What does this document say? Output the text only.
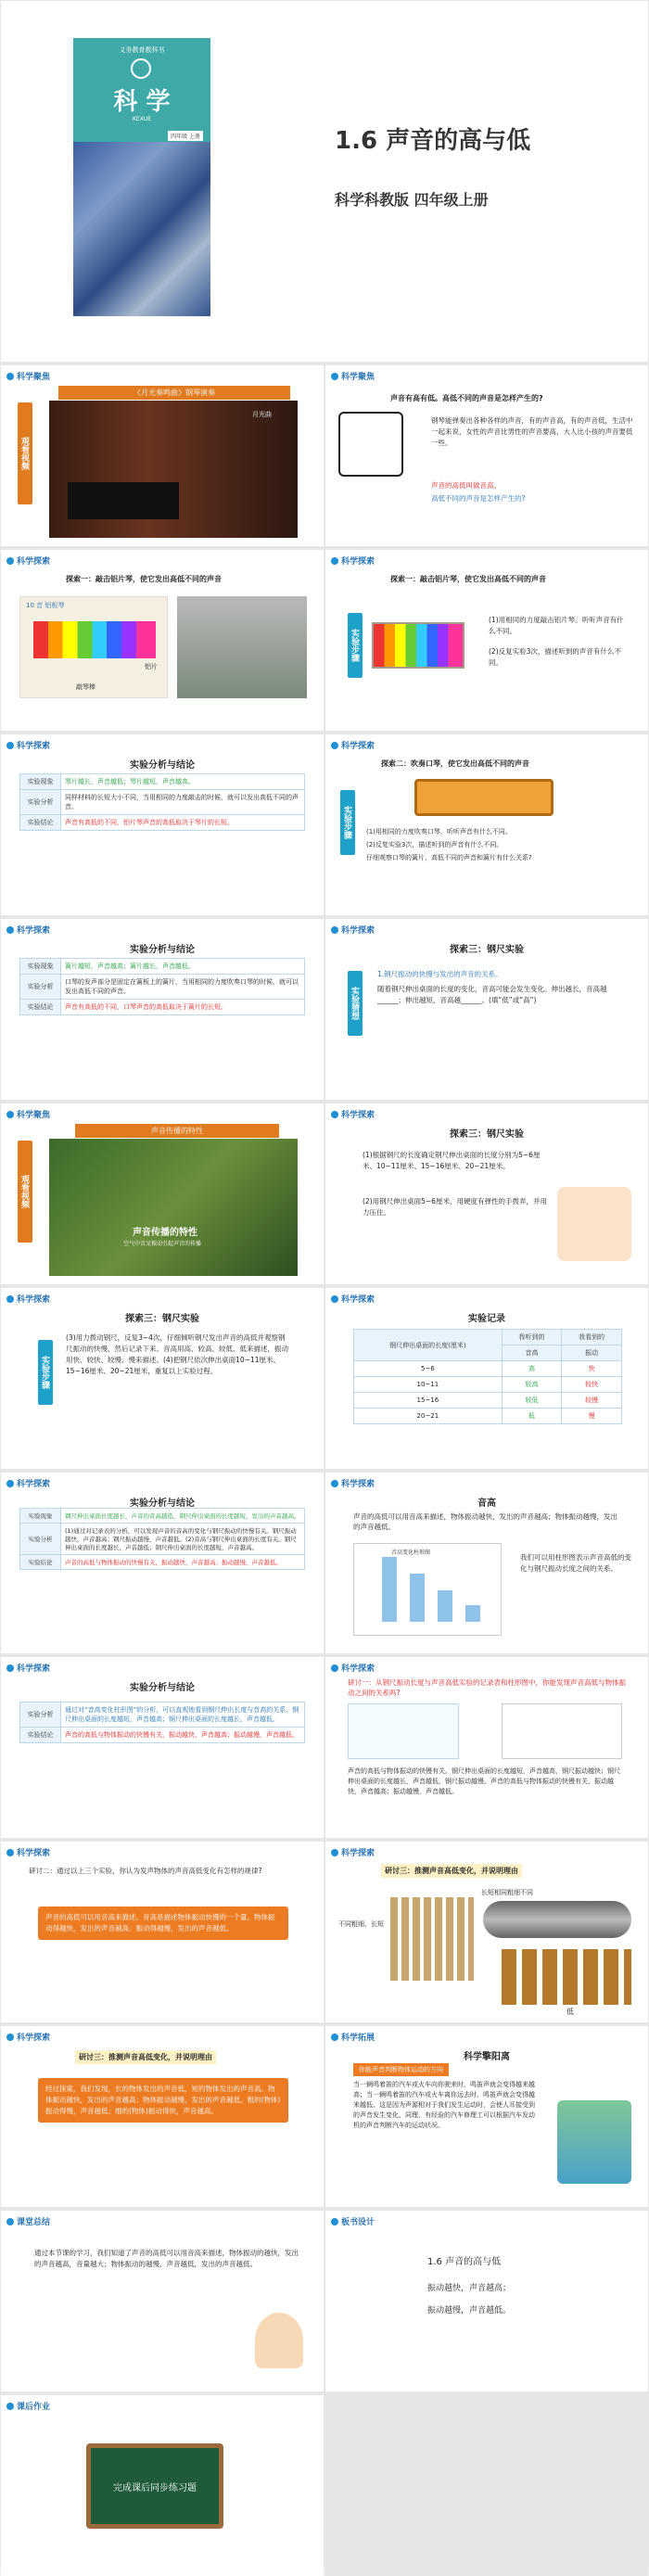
义务教育教科书
科 学
KEXUE
四年级 上册	1.6 声音的高与低
科学科教版 四年级上册
科学聚焦
观看视频
《月光奏鸣曲》钢琴演奏
月光曲
科学聚焦
声音有高有低。高低不同的声音是怎样产生的?
钢琴能弹奏出各种各样的声音，有的声音高，有的声音低，生活中一起来说，女性的声音比男性的声音要高，大人比小孩的声音要低一些。
声音的高低叫做音高。
高低不同的声音是怎样产生的?
科学探索
探索一：敲击铝片琴，使它发出高低不同的声音
10 音 铝板琴
铝片
敲琴棒
科学探索
探索一：敲击铝片琴，使它发出高低不同的声音
实验步骤
(1)用相同的力度敲击铝片琴。听听声音有什么不同。
(2)反复实验3次，描述听到的声音有什么不同。
科学探索
实验分析与结论
实验现象	琴片越长，声音越低；琴片越短，声音越高。
实验分析	同样材料的长短大小不同，当用相同的力度敲击的时候，就可以发出高低不同的声音。
实验结论	声音有高低的不同，铝片琴声音的高低取决于琴片的长短。
科学探索
探索二：吹奏口琴，使它发出高低不同的声音
实验步骤	(1)用相同的力度吹奏口琴，听听声音有什么不同。
(2)反复实验3次，描述听到的声音有什么不同。
仔细观察口琴的簧片，高低不同的声音和簧片有什么关系?
科学探索
实验分析与结论
实验现象	簧片越短，声音越高；簧片越长，声音越低。
实验分析	口琴的发声部分是固定在簧板上的簧片，当用相同的力度吹奏口琴的时候，就可以发出高低不同的声音。
实验结论	声音有高低的不同，口琴声音的高低取决于簧片的长短。
科学探索
探索三：钢尺实验
实验猜想
1.钢尺振动的快慢与发出的声音的关系。
随着钢尺伸出桌面的长度的变化，音高可能会发生变化。伸出越长，音高越______；伸出越短，音高越______。(填“低”或“高”)
科学聚焦
观看视频
声音传播的特性
声音传播的特性
空气中音叉振动引起声音的传播
科学探索
探索三：钢尺实验
(1)根据钢尺的长度确定钢尺伸出桌面的长度分别为5~6厘米、10~11厘米、15~16厘米、20~21厘米。
(2)用钢尺伸出桌面5~6厘米，用硬度有弹性的手拨弄，并用力压住。
科学探索
探索三：钢尺实验
实验步骤
(3)用力拨动钢尺，反复3~4次，仔细倾听钢尺发出声音的高低并观察钢尺振动的快慢，然后记录下来。音高用高、较高、较低、低来描述，振动用快、较快、较慢、慢来描述。(4)把钢尺依次伸出桌面10~11厘米、15~16厘米、20~21厘米，重复以上实验过程。
科学探索
实验记录
钢尺伸出桌面的长度(厘米)	我听到的	我看到的
	音高	振动
5~6	高	快
10~11	较高	较快
15~16	较低	较慢
20~21	低	慢
科学探索
实验分析与结论
实验现象	钢尺伸出桌面长度越长，声音的音高越低，钢尺伸出桌面的长度越短，发出的声音越高。
实验分析	(1)通过对记录表的分析，可以发现声音的音高的变化与钢尺振动的快慢有关。钢尺振动越快，声音越高；钢尺振动越慢，声音越低。(2)音高与钢尺伸出桌面的长度有关。钢尺伸出桌面的长度越长，声音越低；钢尺伸出桌面的长度越短，声音越高。
实验结论	声音的高低与物体振动的快慢有关，振动越快，声音越高；振动越慢，声音越低。
科学探索
音高
声音的高低可以用音高来描述，物体振动越快，发出的声音越高；物体振动越慢，发出的声音越低。
音高变化柱形图
我们可以用柱形图表示声音高低的变化与钢尺振动长度之间的关系。
科学探索
实验分析与结论
实验分析	通过对“音高变化柱形图”的分析，可以直观地看到钢尺伸出长度与音高的关系，钢尺伸出桌面的长度越短，声音越高；钢尺伸出桌面的长度越长，声音越低。
实验结论	声音的高低与物体振动的快慢有关，振动越快，声音越高；振动越慢，声音越低。
科学探索
研讨一：从钢尺振动长度与声音高低实验的记录表和柱形图中，你能发现声音高低与物体振动之间的关系吗?
声音的高低与物体振动的快慢有关。钢尺伸出桌面的长度越短，声音越高，钢尺振动越快；钢尺伸出桌面的长度越长，声音越低，钢尺振动越慢。声音的高低与物体振动的快慢有关，振动越快，声音越高；振动越慢，声音越低。
科学探索
研讨二：通过以上三个实验，你认为发声物体的声音高低变化有怎样的规律?
声音的高低可以用音高来描述。音高是描述物体振动快慢的一个量。物体振动得越快，发出的声音越高；振动得越慢，发出的声音越低。
科学探索
研讨三：推测声音高低变化，并说明理由
不同粗细、长短
长短相同粗细不同
低
科学探索
研讨三：推测声音高低变化，并说明理由
经过探索，我们发现，长的物体发出的声音低，短的物体发出的声音高。物体振动越快，发出的声音越高；物体振动越慢，发出的声音越低。粗的(物体)振动得慢，声音越低；细的(物体)振动得快，声音越高。
科学拓展
科学擎阳离
你能声音判断物体运动的方向
当一辆鸣着笛的汽车或火车向你驶来时，鸣笛声就会变得越来越高；当一辆鸣着笛的汽车或火车离你远去时，鸣笛声就会变得越来越低。这是因为声源相对于我们发生运动时，会使人耳接受到的声音发生变化，同理，有经验的汽车修理工可以根据汽车发动机的声音判断汽车的运动状况。
课堂总结
通过本节课的学习，我们知道了声音的高低可以用音高来描述，物体振动的越快，发出的声音越高，音量越大；物体振动的越慢，声音越低，发出的声音越低。
板书设计
1.6 声音的高与低
振动越快，声音越高；
振动越慢，声音越低。
课后作业
完成课后同步练习题
